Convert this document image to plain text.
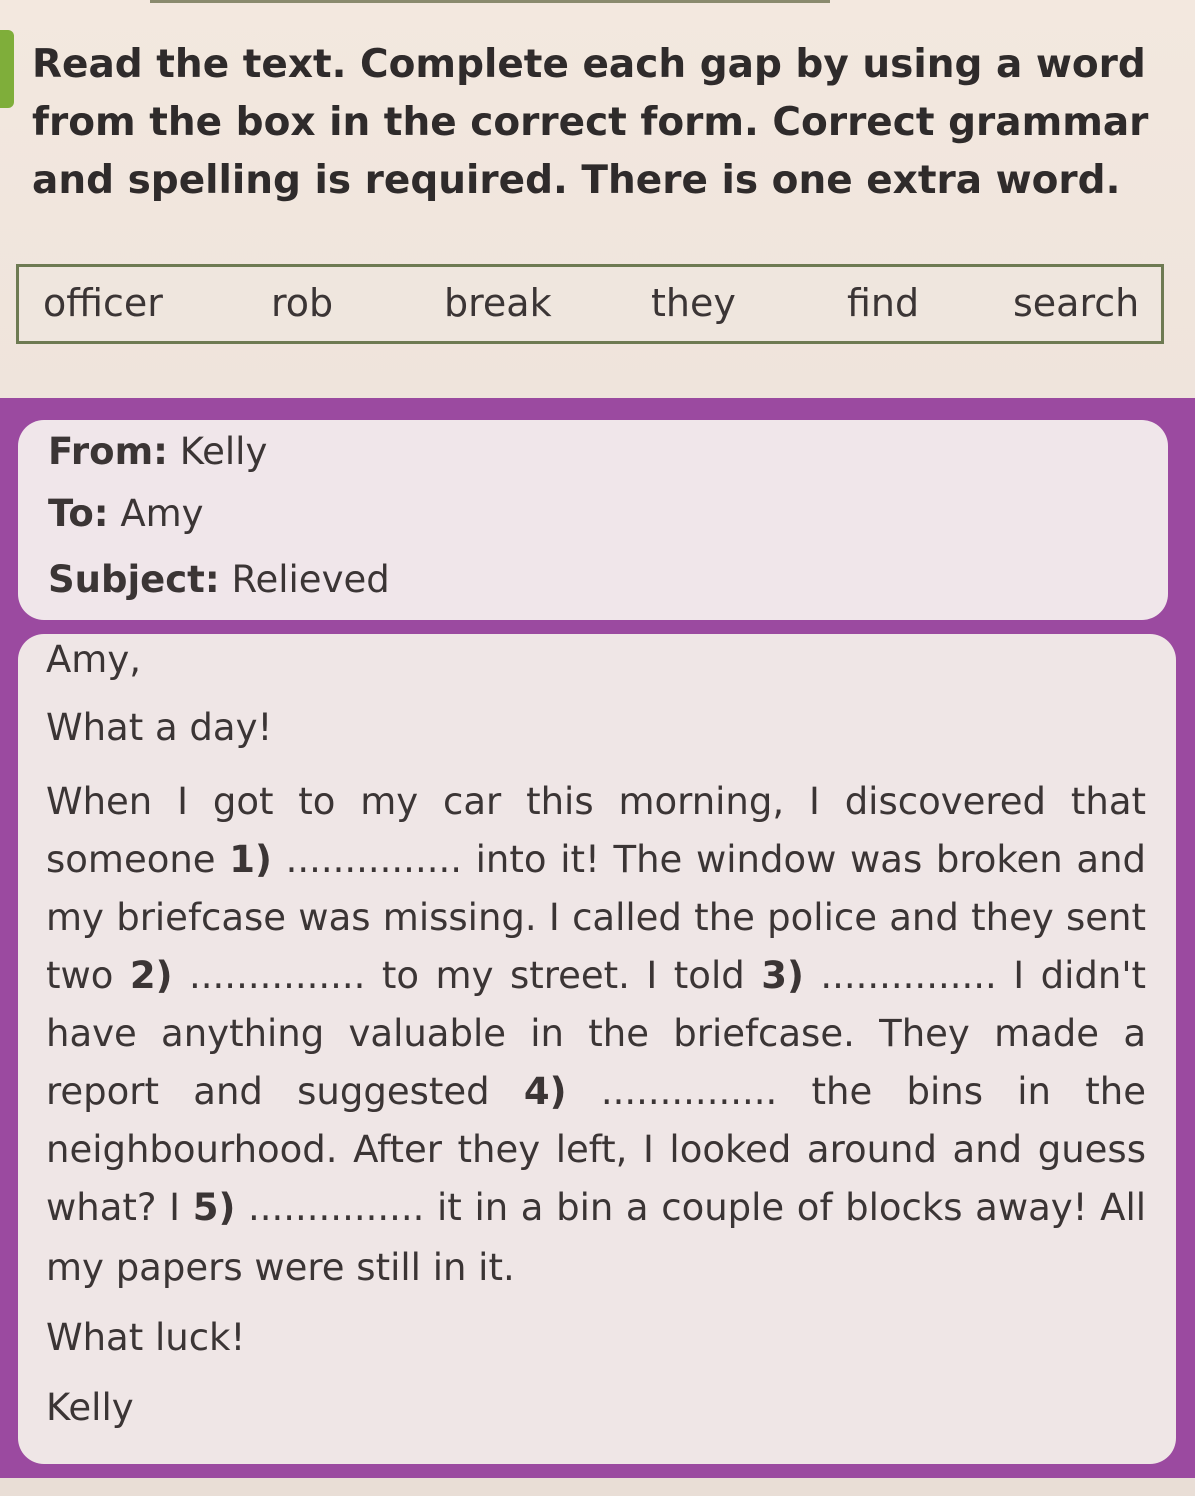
Read the text. Complete each gap by using a word from the box in the correct form. Correct grammar and spelling is required. There is one extra word.
officer	rob	break	they	find search
From: Kelly
To: Amy
Subject: Relieved
Amy,
What a day!
When I got to my car this morning, I discovered that
someone 1) ............... into it! The window was broken and
my briefcase was missing. I called the police and they sent
two 2) ............... to my street. I told 3) ............... I didn't
have anything valuable in the briefcase. They made a
report and suggested 4) ............... the bins in the
neighbourhood. After they left, I looked around and guess
what? I 5) ............... it in a bin a couple of blocks away! All
my papers were still in it.
What luck!
Kelly
